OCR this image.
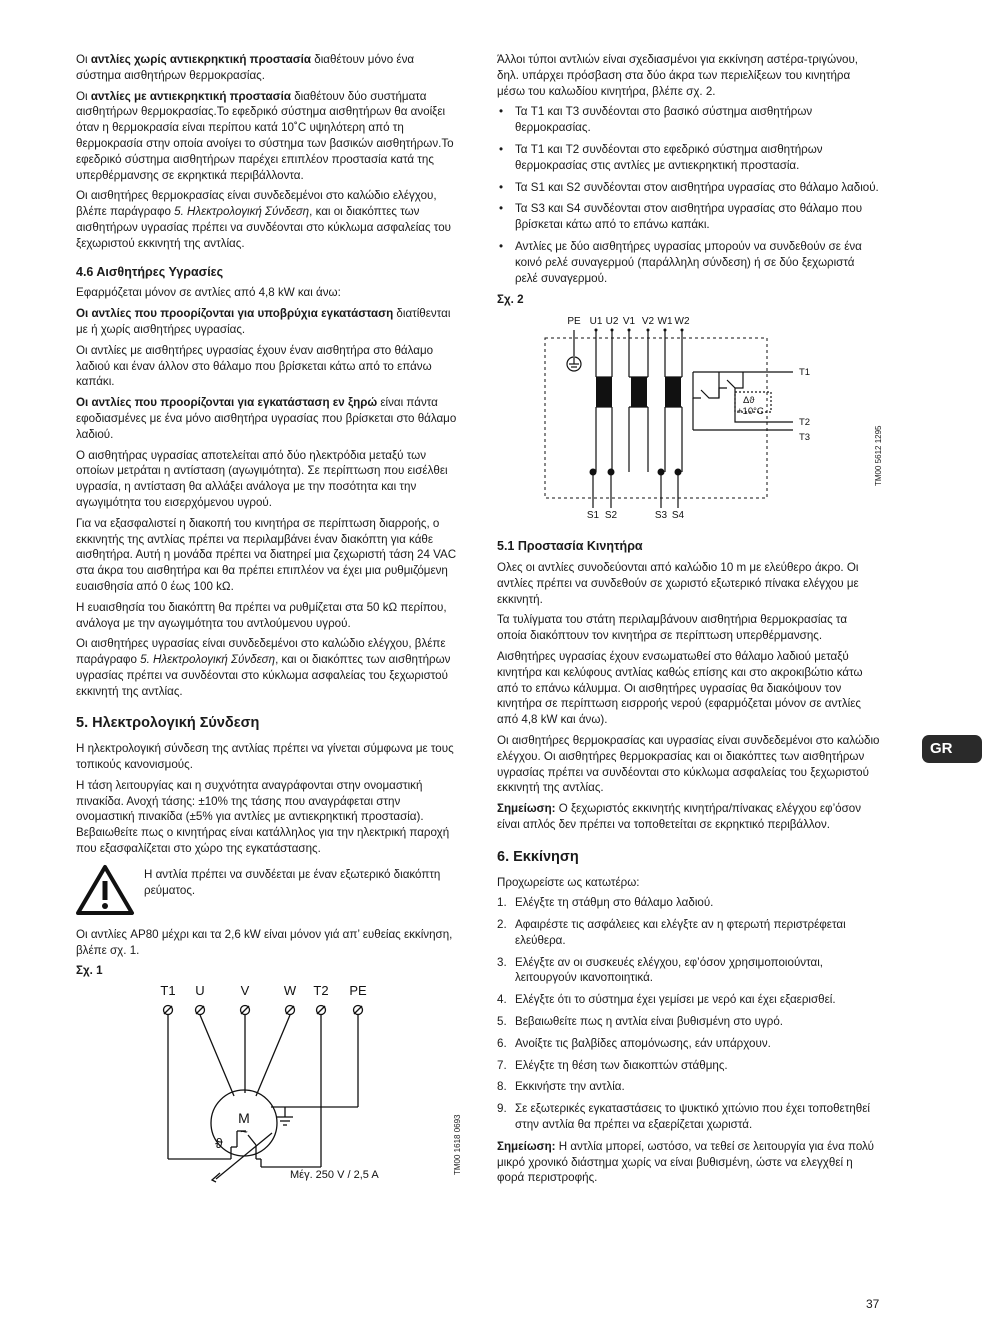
Οι αντλίες χωρίς αντιεκρηκτική προστασία διαθέτουν μόνο ένα σύστημα αισθητήρων θερμοκρασίας.

Οι αντλίες με αντιεκρηκτική προστασία διαθέτουν δύο συστήματα αισθητήρων θερμοκρασίας.Το εφεδρικό σύστημα αισθητήρων θα ανοίξει όταν η θερμοκρασία είναι περίπου κατά 10˚C υψηλότερη από τη θερμοκρασία στην οποία ανοίγει το σύστημα των βασικών αισθητήρων.Το εφεδρικό σύστημα αισθητήρων παρέχει επιπλέον προστασία κατά της υπερθέρμανσης σε εκρηκτικά περιβάλλοντα.

Οι αισθητήρες θερμοκρασίας είναι συνδεδεμένοι στο καλώδιο ελέγχου, βλέπε παράγραφο 5. Ηλεκτρολογική Σύνδεση, και οι διακόπτες των αισθητήρων υγρασίας πρέπει να συνδέονται στο κύκλωμα ασφαλείας του ξεχωριστού εκκινητή της αντλίας.

4.6 Αισθητήρες Υγρασίες

Εφαρμόζεται μόνον σε αντλίες από 4,8 kW και άνω:

Οι αντλίες που προορίζονται για υποβρύχια εγκατάσταση διατίθενται με ή χωρίς αισθητήρες υγρασίας.

Οι αντλίες με αισθητήρες υγρασίας έχουν έναν αισθητήρα στο θάλαμο λαδιού και έναν άλλον στο θάλαμο που βρίσκεται κάτω από το επάνω καπάκι.

Οι αντλίες που προορίζονται για εγκατάσταση εν ξηρώ είναι πάντα εφοδιασμένες με ένα μόνο αισθητήρα υγρασίας που βρίσκεται στο θάλαμο λαδιού.

Ο αισθητήρας υγρασίας αποτελείται από δύο ηλεκτρόδια μεταξύ των οποίων μετράται η αντίσταση (αγωγιμότητα). Σε περίπτωση που εισέλθει υγρασία, η αντίσταση θα αλλάξει ανάλογα με την ποσότητα και την αγωγιμότητα του εισερχόμενου υγρού.

Για να εξασφαλιστεί η διακοπή του κινητήρα σε περίπτωση διαρροής, ο εκκινητής της αντλίας πρέπει να περιλαμβάνει έναν διακόπτη για κάθε αισθητήρα. Αυτή η μονάδα πρέπει να διατηρεί μια ζεχωριστή τάση 24 VAC στα άκρα του αισθητήρα και θα πρέπει επιπλέον να έχει μια ρυθμιζόμενη ευαισθησία από 0 έως 100 kΩ.

Η ευαισθησία του διακόπτη θα πρέπει να ρυθμίζεται στα 50 kΩ περίπου, ανάλογα με την αγωγιμότητα του αντλούμενου υγρού.

Οι αισθητήρες υγρασίας είναι συνδεδεμένοι στο καλώδιο ελέγχου, βλέπε παράγραφο 5. Ηλεκτρολογική Σύνδεση, και οι διακόπτες των αισθητήρων υγρασίας πρέπει να συνδέονται στο κύκλωμα ασφαλείας του ξεχωριστού εκκινητή της αντλίας.

5. Ηλεκτρολογική Σύνδεση

Η ηλεκτρολογική σύνδεση της αντλίας πρέπει να γίνεται σύμφωνα με τους τοπικούς κανονισμούς.

Η τάση λειτουργίας και η συχνότητα αναγράφονται στην ονομαστική πινακίδα. Ανοχή τάσης: ±10% της τάσης που αναγράφεται στην ονομαστική πινακίδα (±5% για αντλίες με αντιεκρηκτική προστασία). Βεβαιωθείτε πως ο κινητήρας είναι κατάλληλος για την ηλεκτρική παροχή που εξασφαλίζεται στο χώρο της εγκατάστασης.

Η αντλία πρέπει να συνδέεται με έναν εξωτερικό διακόπτη ρεύματος.

Οι αντλίες AP80 μέχρι και τα 2,6 kW είναι μόνον γιά απ’ ευθείας εκκίνηση, βλέπε σχ. 1.

Σχ. 1
T1 U	V	W T2 PE
M
~
ϑ
Μέγ. 250 V / 2,5 A	TM00 1618 0693

Άλλοι τύποι αντλιών είναι σχεδιασμένοι για εκκίνηση αστέρα-τριγώνου, δηλ. υπάρχει πρόσβαση στα δύο άκρα των περιελίξεων του κινητήρα μέσω του καλωδίου κινητήρα, βλέπε σχ. 2.

• Τα T1 και T3 συνδέονται στο βασικό σύστημα αισθητήρων θερμοκρασίας.
• Τα T1 και T2 συνδέονται στο εφεδρικό σύστημα αισθητήρων θερμοκρασίας στις αντλίες με αντιεκρηκτική προστασία.
• Τα S1 και S2 συνδέονται στον αισθητήρα υγρασίας στο θάλαμο λαδιού.
• Τα S3 και S4 συνδέονται στον αισθητήρα υγρασίας στο θάλαμο που βρίσκεται κάτω από το επάνω καπάκι.
• Αντλίες με δύο αισθητήρες υγρασίας μπορούν να συνδεθούν σε ένα κοινό ρελέ συναγερμού (παράλληλη σύνδεση) ή σε δύο ξεχωριστά ρελέ συναγερμού.
Σχ. 2
PE U1 U2 V1 V2 W1 W2
S1 S2	S3 S4
Δϑ
+10°C
T1
T2
T3	TM00 5612 1295
5.1 Προστασία Κινητήρα

Ολες οι αντλίες συνοδεύονται από καλώδιο 10 m με ελεύθερο άκρο. Οι αντλίες πρέπει να συνδεθούν σε χωριστό εξωτερικό πίνακα ελέγχου με εκκινητή.

Τα τυλίγματα του στάτη περιλαμβάνουν αισθητήρια θερμοκρασίας τα οποία διακόπτουν τον κινητήρα σε περίπτωση υπερθέρμανσης.

Αισθητήρες υγρασίας έχουν ενσωματωθεί στο θάλαμο λαδιού μεταξύ κινητήρα και κελύφους αντλίας καθώς επίσης και στο ακροκιβώτιο κάτω από το επάνω κάλυμμα. Οι αισθητήρες υγρασίας θα διακόψουν τον κινητήρα σε περίπτωση εισρροής νερού (εφαρμόζεται μόνον σε αντλίες από 4,8 kW και άνω).

Οι αισθητήρες θερμοκρασίας και υγρασίας είναι συνδεδεμένοι στο καλώδιο ελέγχου. Οι αισθητήρες θερμοκρασίας και οι διακόπτες των αισθητήρων υγρασίας πρέπει να συνδέονται στο κύκλωμα ασφαλείας του ξεχωριστού εκκινητή της αντλίας.

Σημείωση: Ο ξεχωριστός εκκινητής κινητήρα/πίνακας ελέγχου εφ’όσον είναι απλός δεν πρέπει να τοποθετείται σε εκρηκτικό περιβάλλον.

6. Εκκίνηση

Προχωρείστε ως κατωτέρω:

1. Ελέγξτε τη στάθμη στο θάλαμο λαδιού.
2. Αφαιρέστε τις ασφάλειες και ελέγξτε αν η φτερωτή περιστρέφεται ελεύθερα.
3. Ελέγξτε αν οι συσκευές ελέγχου, εφ’όσον χρησιμοποιούνται, λειτουργούν ικανοποιητικά.
4. Ελέγξτε ότι το σύστημα έχει γεμίσει με νερό και έχει εξαερισθεί.
5. Βεβαιωθείτε πως η αντλία είναι βυθισμένη στο υγρό.
6. Ανοίξτε τις βαλβίδες απομόνωσης, εάν υπάρχουν.
7. Ελέγξτε τη θέση των διακοπτών στάθμης.
8. Εκκινήστε την αντλία.
9. Σε εξωτερικές εγκαταστάσεις το ψυκτικό χιτώνιο που έχει τοποθετηθεί στην αντλία θα πρέπει να εξαερίζεται χωριστά.

Σημείωση: Η αντλία μπορεί, ωστόσο, να τεθεί σε λειτουργία για ένα πολύ μικρό χρονικό διάστημα χωρίς να είναι βυθισμένη, ώστε να ελεγχθεί η φορά περιστροφής.

GR
37
